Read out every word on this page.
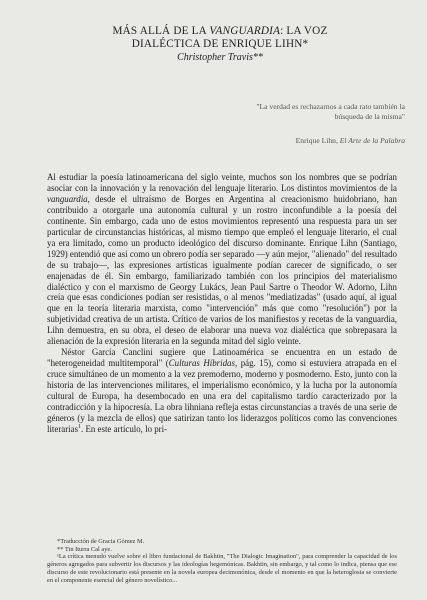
MÁS ALLÁ DE LA VANGUARDIA: LA VOZ
DIALÉCTICA DE ENRIQUE LIHN*
Christopher Travis**
"La verdad es rechazarnos a cada rato también la búsqueda de la misma"
Enrique Lihn, El Arte de la Palabra

Al estudiar la poesía latinoamericana del siglo veinte, muchos son los nombres que se podrían asociar con la innovación y la renovación del lenguaje literario. Los distintos movimientos de la vanguardia, desde el ultraísmo de Borges en Argentina al creacionismo huidobriano, han contribuido a otorgarle una autonomía cultural y un rostro inconfundible a la poesía del continente. Sin embargo, cada uno de estos movimientos representó una respuesta para un ser particular de circunstancias históricas, al mismo tiempo que empleó el lenguaje literario, el cual ya era limitado, como un producto ideológico del discurso dominante. Enrique Lihn (Santiago, 1929) entendió que así como un obrero podía ser separado —y aún mejor, "alienado" del resultado de su trabajo—, las expresiones artísticas igualmente podían carecer de significado, o ser enajenadas de él. Sin embargo, familiarizado también con los principios del materialismo dialéctico y con el marxismo de Georgy Lukács, Jean Paul Sartre o Theodor W. Adorno, Lihn creía que esas condiciones podían ser resistidas, o al menos "mediatizadas" (usado aquí, al igual que en la teoría literaria marxista, como "intervención" más que como "resolución") por la subjetividad creativa de un artista. Crítico de varios de los manifiestos y recetas de la vanguardia, Lihn demuestra, en su obra, el deseo de elaborar una nueva voz dialéctica que sobrepasara la alienación de la expresión literaria en la segunda mitad del siglo veinte.

Néstor García Canclini sugiere que Latinoamérica se encuentra en un estado de "heterogeneidad multitemporal" (Culturas Híbridas, pág. 15), como si estuviera atrapada en el cruce simultáneo de un momento a la vez premoderno, moderno y posmoderno. Esto, junto con la historia de las intervenciones militares, el imperialismo económico, y la lucha por la autonomía cultural de Europa, ha desembocado en una era del capitalismo tardío caracterizado por la contradicción y la hipocresía. La obra lihniana refleja estas circunstancias a través de una serie de géneros (y la mezcla de ellos) que satirizan tanto los liderazgos políticos como las convenciones literarias$^1$. En este artículo, lo pri-

*Traducción de Gracia Gómez M.

** Tin Iturra Cal aye.

¹La crítica menudo vuelve sobre el libro fundacional de Bakhtin, "The Dialogic Imagination", para comprender la capacidad de los géneros agregados para subvertir los discursos y las ideologías hegemónicas. Bakhtin, sin embargo, y tal como lo indica, piensa que ese discurso de este revolucionario está presente en la novela europea decimonónica, desde el momento en que la heteroglosia se convierte en el componente esencial del género novelístico...
